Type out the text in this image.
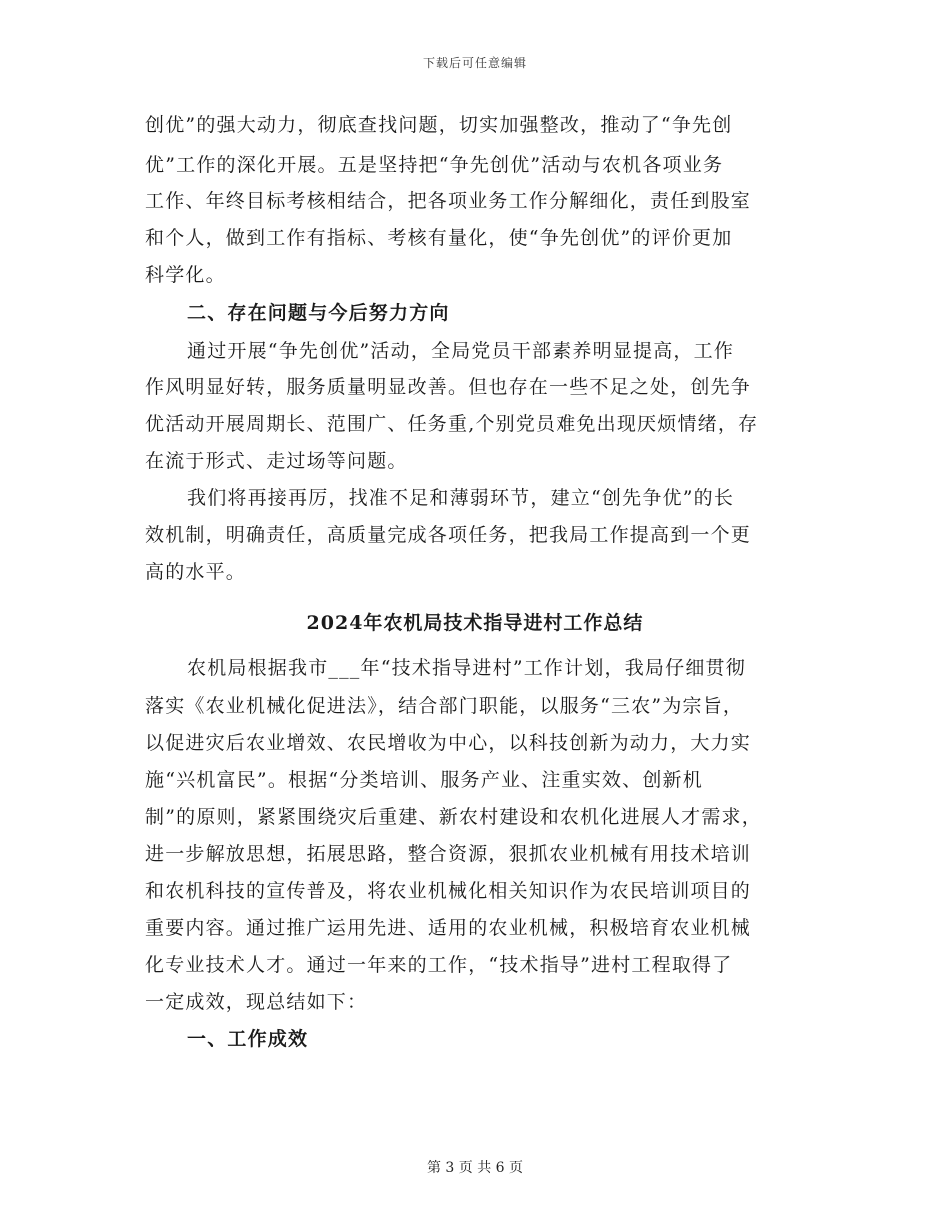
下载后可任意编辑
创优”的强大动力，彻底查找问题，切实加强整改，推动了“争先创
优”工作的深化开展。五是坚持把“争先创优”活动与农机各项业务
工作、年终目标考核相结合，把各项业务工作分解细化，责任到股室
和个人，做到工作有指标、考核有量化，使“争先创优”的评价更加
科学化。
二、存在问题与今后努力方向
通过开展“争先创优”活动，全局党员干部素养明显提高，工作
作风明显好转，服务质量明显改善。但也存在一些不足之处，创先争
优活动开展周期长、范围广、任务重,个别党员难免出现厌烦情绪，存
在流于形式、走过场等问题。
我们将再接再厉，找准不足和薄弱环节，建立“创先争优”的长
效机制，明确责任，高质量完成各项任务，把我局工作提高到一个更
高的水平。
2024年农机局技术指导进村工作总结
农机局根据我市___年“技术指导进村”工作计划，我局仔细贯彻
落实《农业机械化促进法》，结合部门职能，以服务“三农”为宗旨，
以促进灾后农业增效、农民增收为中心，以科技创新为动力，大力实
施“兴机富民”。根据“分类培训、服务产业、注重实效、创新机
制”的原则，紧紧围绕灾后重建、新农村建设和农机化进展人才需求，
进一步解放思想，拓展思路，整合资源，狠抓农业机械有用技术培训
和农机科技的宣传普及，将农业机械化相关知识作为农民培训项目的
重要内容。通过推广运用先进、适用的农业机械，积极培育农业机械
化专业技术人才。通过一年来的工作，“技术指导”进村工程取得了
一定成效，现总结如下：
一、工作成效
第 3 页 共 6 页
